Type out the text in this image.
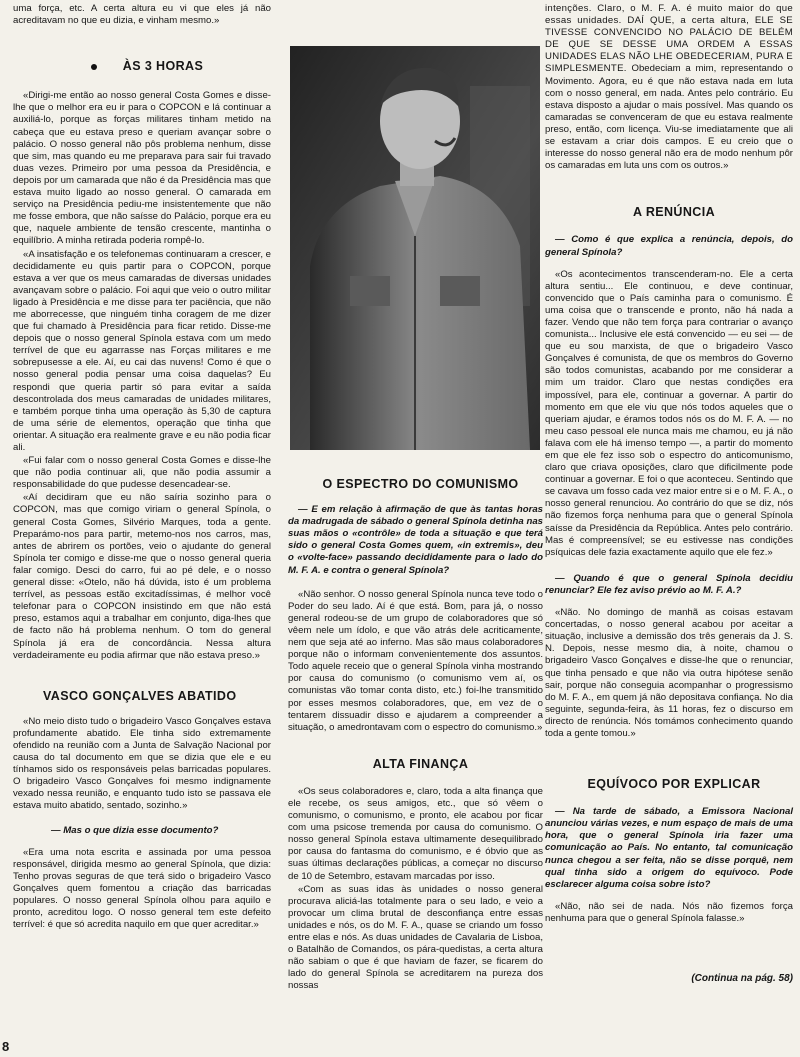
uma força, etc. A certa altura eu vi que eles já não acreditavam no que eu dizia, e vinham mesmo.»

ÀS 3 HORAS

«Dirigi-me então ao nosso general Costa Gomes e disse-lhe que o melhor era eu ir para o COPCON e lá continuar a auxiliá-lo, porque as forças militares tinham metido na cabeça que eu estava preso e queriam avançar sobre o palácio. O nosso general não pôs problema nenhum, disse que sim, mas quando eu me preparava para sair fui travado duas vezes. Primeiro por uma pessoa da Presidência, e depois por um camarada que não é da Presidência mas que estava muito ligado ao nosso general. O camarada em serviço na Presidência pediu-me insistentemente que não me fosse embora, que não saísse do Palácio, porque era eu que, naquele ambiente de tensão crescente, mantinha o equilíbrio. A minha retirada poderia rompê-lo.

«A insatisfação e os telefonemas continuaram a crescer, e decididamente eu quis partir para o COPCON, porque estava a ver que os meus camaradas de diversas unidades avançavam sobre o palácio. Foi aqui que veio o outro militar ligado à Presidência e me disse para ter paciência, que não me aborrecesse, que ninguém tinha coragem de me dizer que fui chamado à Presidência para ficar retido. Disse-me depois que o nosso general Spínola estava com um medo terrível de que eu agarrasse nas Forças militares e me sobrepusesse a ele. Aí, eu cai das nuvens! Como é que o nosso general podia pensar uma coisa daquelas? Eu respondi que queria partir só para evitar a saída descontrolada dos meus camaradas de unidades militares, e também porque tinha uma operação às 5,30 de captura de uma série de elementos, operação que tinha que orientar. A situação era realmente grave e eu não podia ficar ali.

«Fui falar com o nosso general Costa Gomes e disse-lhe que não podia continuar ali, que não podia assumir a responsabilidade do que pudesse desencadear-se.

«Aí decidiram que eu não saíria sozinho para o COPCON, mas que comigo viriam o general Spínola, o general Costa Gomes, Silvério Marques, toda a gente. Preparámo-nos para partir, metemo-nos nos carros, mas, antes de abrirem os portões, veio o ajudante do general Spínola ter comigo e disse-me que o nosso general queria falar comigo. Desci do carro, fui ao pé dele, e o nosso general disse: «Otelo, não há dúvida, isto é um problema terrível, as pessoas estão excitadíssimas, é melhor você telefonar para o COPCON insistindo em que não está preso, estamos aqui a trabalhar em conjunto, diga-lhes que de facto não há problema nenhum. O tom do general Spínola já era de concordância. Nessa altura verdadeiramente eu podia afirmar que não estava preso.»

VASCO GONÇALVES ABATIDO

«No meio disto tudo o brigadeiro Vasco Gonçalves estava profundamente abatido. Ele tinha sido extremamente ofendido na reunião com a Junta de Salvação Nacional por causa do tal documento em que se dizia que ele e eu tínhamos sido os responsáveis pelas barricadas populares. O brigadeiro Vasco Gonçalves foi mesmo indignamente vexado nessa reunião, e enquanto tudo isto se passava ele estava muito abatido, sentado, sozinho.»

— Mas o que dizia esse documento?

«Era uma nota escrita e assinada por uma pessoa responsável, dirigida mesmo ao general Spínola, que dizia: Tenho provas seguras de que terá sido o brigadeiro Vasco Gonçalves quem fomentou a criação das barricadas populares. O nosso general Spínola olhou para aquilo e pronto, acreditou logo. O nosso general tem este defeito terrível: é que só acredita naquilo em que quer acreditar.»

O ESPECTRO DO COMUNISMO

— E em relação à afirmação de que às tantas horas da madrugada de sábado o general Spínola detinha nas suas mãos o «contrôle» de toda a situação e que terá sido o general Costa Gomes quem, «in extremis», deu o «volte-face» passando decididamente para o lado do M. F. A. e contra o general Spínola?

«Não senhor. O nosso general Spínola nunca teve todo o Poder do seu lado. Aí é que está. Bom, para já, o nosso general rodeou-se de um grupo de colaboradores que só vêem nele um ídolo, e que vão atrás dele acriticamente, nem que seja até ao inferno. Mas são maus colaboradores porque não o informam convenientemente dos assuntos. Todo aquele receio que o general Spínola vinha mostrando por causa do comunismo (o comunismo vem aí, os comunistas vão tomar conta disto, etc.) foi-lhe transmitido por esses mesmos colaboradores, que, em vez de o tentarem dissuadir disso e ajudarem a compreender a situação, o amedrontavam com o espectro do comunismo.»

ALTA FINANÇA

«Os seus colaboradores e, claro, toda a alta finança que ele recebe, os seus amigos, etc., que só vêem o comunismo, o comunismo, e pronto, ele acabou por ficar com uma psicose tremenda por causa do comunismo. O nosso general Spínola estava ultimamente desequilibrado por causa do fantasma do comunismo, e é óbvio que as suas últimas declarações públicas, a começar no discurso de 10 de Setembro, estavam marcadas por isso.

«Com as suas idas às unidades o nosso general procurava aliciá-las totalmente para o seu lado, e veio a provocar um clima brutal de desconfiança entre essas unidades e nós, os do M. F. A., quase se criando um fosso entre elas e nós. As duas unidades de Cavalaria de Lisboa, o Batalhão de Comandos, os pára-quedistas, a certa altura não sabiam o que é que haviam de fazer, se ficarem do lado do general Spínola se acreditarem na pureza dos nossas

intenções. Claro, o M. F. A. é muito maior do que essas unidades. DAÍ QUE, a certa altura, ELE SE TIVESSE CONVENCIDO NO PALÁCIO DE BELÉM DE QUE SE DESSE UMA ORDEM A ESSAS UNIDADES ELAS NÃO LHE OBEDECERIAM, PURA E SIMPLESMENTE. Obedeciam a mim, representando o Movimento. Agora, eu é que não estava nada em luta com o nosso general, em nada. Antes pelo contrário. Eu estava disposto a ajudar o mais possível. Mas quando os camaradas se convenceram de que eu estava realmente preso, então, com licença. Viu-se imediatamente que ali se estavam a criar dois campos. E eu creio que o interesse do nosso general não era de modo nenhum pôr os camaradas em luta uns com os outros.»

A RENÚNCIA

— Como é que explica a renúncia, depois, do general Spínola?

«Os acontecimentos transcenderam-no. Ele a certa altura sentiu... Ele continuou, e deve continuar, convencido que o País caminha para o comunismo. É uma coisa que o transcende e pronto, não há nada a fazer. Vendo que não tem força para contrariar o avanço comunista... Inclusive ele está convencido — eu sei — de que eu sou marxista, de que o brigadeiro Vasco Gonçalves é comunista, de que os membros do Governo são todos comunistas, acabando por me considerar a mim um traidor. Claro que nestas condições era impossível, para ele, continuar a governar. A partir do momento em que ele viu que nós todos aqueles que o queriam ajudar, e éramos todos nós os do M. F. A. — no meu caso pessoal ele nunca mais me chamou, eu já não falava com ele há imenso tempo —, a partir do momento em que ele fez isso sob o espectro do anticomunismo, claro que criava oposições, claro que dificilmente pode continuar a governar. E foi o que aconteceu. Sentindo que se cavava um fosso cada vez maior entre si e o M. F. A., o nosso general renunciou. Ao contrário do que se diz, nós não fizemos força nenhuma para que o general Spínola saísse da Presidência da República. Antes pelo contrário. Mas é compreensível; se eu estivesse nas condições psíquicas dele fazia exactamente aquilo que ele fez.»

— Quando é que o general Spínola decidiu renunciar? Ele fez aviso prévio ao M. F. A.?

«Não. No domingo de manhã as coisas estavam concertadas, o nosso general acabou por aceitar a situação, inclusive a demissão dos três generais da J. S. N. Depois, nesse mesmo dia, à noite, chamou o brigadeiro Vasco Gonçalves e disse-lhe que o renunciar, que tinha pensado e que não via outra hipótese senão sair, porque não conseguia acompanhar o progressismo do M. F. A., em quem já não depositava confiança. No dia seguinte, segunda-feira, às 11 horas, fez o discurso em directo de renúncia. Nós tomámos conhecimento quando toda a gente tomou.»

EQUÍVOCO POR EXPLICAR

— Na tarde de sábado, a Emissora Nacional anunciou várias vezes, e num espaço de mais de uma hora, que o general Spínola iria fazer uma comunicação ao País. No entanto, tal comunicação nunca chegou a ser feita, não se disse porquê, nem qual tinha sido a origem do equívoco. Pode esclarecer alguma coisa sobre isto?

«Não, não sei de nada. Nós não fizemos força nenhuma para que o general Spínola falasse.»

(Continua na pág. 58)

8
